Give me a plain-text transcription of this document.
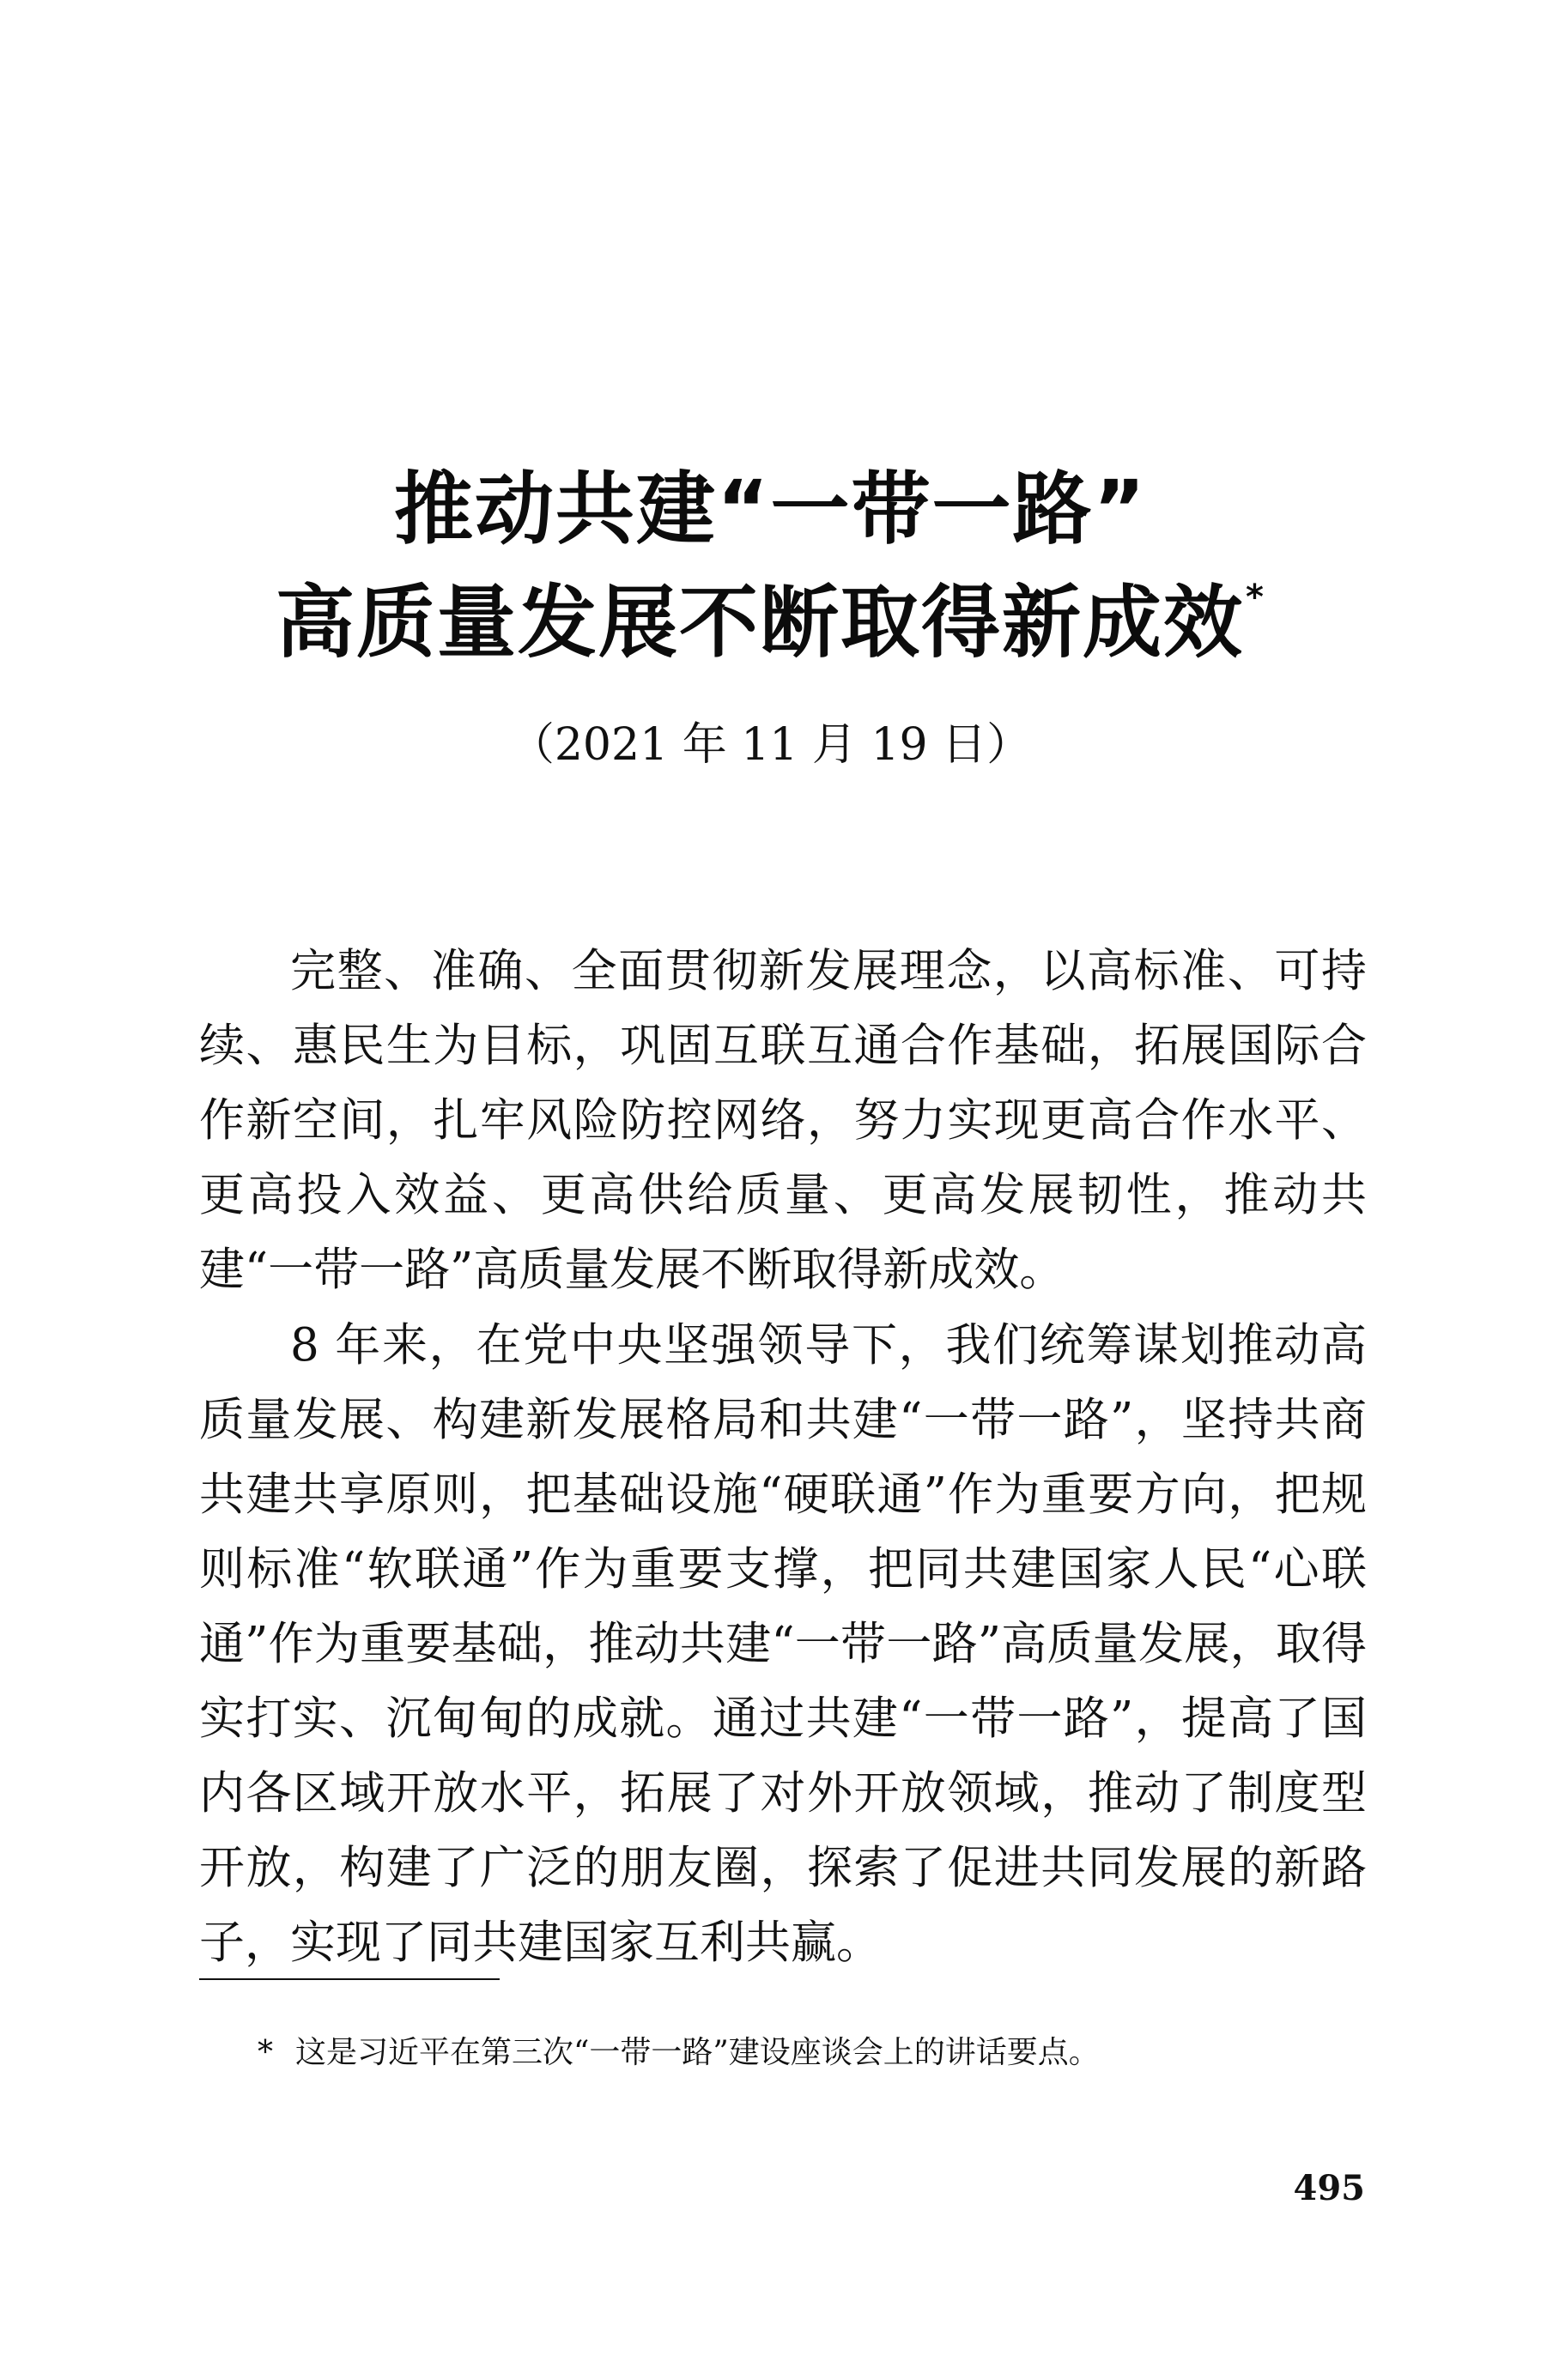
推动共建“一带一路”
高质量发展不断取得新成效*
（2021 年 11 月 19 日）

完整、准确、全面贯彻新发展理念，以高标准、可持续、惠民生为目标，巩固互联互通合作基础，拓展国际合作新空间，扎牢风险防控网络，努力实现更高合作水平、更高投入效益、更高供给质量、更高发展韧性，推动共建“一带一路”高质量发展不断取得新成效。

8 年来，在党中央坚强领导下，我们统筹谋划推动高质量发展、构建新发展格局和共建“一带一路”，坚持共商共建共享原则，把基础设施“硬联通”作为重要方向，把规则标准“软联通”作为重要支撑，把同共建国家人民“心联通”作为重要基础，推动共建“一带一路”高质量发展，取得实打实、沉甸甸的成就。通过共建“一带一路”，提高了国内各区域开放水平，拓展了对外开放领域，推动了制度型开放，构建了广泛的朋友圈，探索了促进共同发展的新路子，实现了同共建国家互利共赢。

* 这是习近平在第三次“一带一路”建设座谈会上的讲话要点。
495
